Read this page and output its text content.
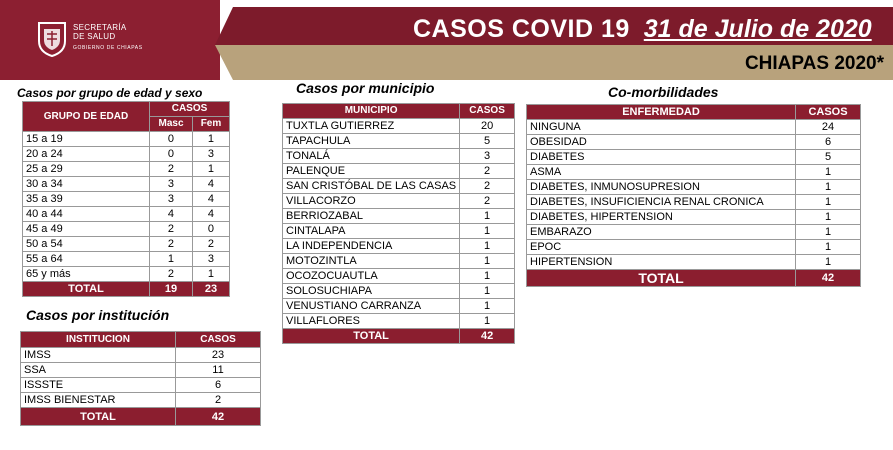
SECRETARÍA
DE SALUD
GOBIERNO DE CHIAPAS
CASOS COVID 19 31 de Julio de 2020
CHIAPAS 2020*
Casos por grupo de edad y sexo
GRUPO DE EDAD	CASOS	
	Masc	Fem
15 a 19	0	1
20 a 24	0	3
25 a 29	2	1
30 a 34	3	4
35 a 39	3	4
40 a 44	4	4
45 a 49	2	0
50 a 54	2	2
55 a 64	1	3
65 y más	2	1
TOTAL	19	23
Casos por institución
INSTITUCION	CASOS
IMSS	23
SSA	11
ISSSTE	6
IMSS BIENESTAR	2
TOTAL	42
Casos por municipio
MUNICIPIO	CASOS
TUXTLA GUTIERREZ	20
TAPACHULA	5
TONALÁ	3
PALENQUE	2
SAN CRISTÓBAL DE LAS CASAS	2
VILLACORZO	2
BERRIOZABAL	1
CINTALAPA	1
LA INDEPENDENCIA	1
MOTOZINTLA	1
OCOZOCUAUTLA	1
SOLOSUCHIAPA	1
VENUSTIANO CARRANZA	1
VILLAFLORES	1
TOTAL	42
Co-morbilidades
ENFERMEDAD	CASOS
NINGUNA	24
OBESIDAD	6
DIABETES	5
ASMA	1
DIABETES, INMUNOSUPRESION	1
DIABETES, INSUFICIENCIA RENAL CRONICA	1
DIABETES, HIPERTENSION	1
EMBARAZO	1
EPOC	1
HIPERTENSION	1
TOTAL	42
